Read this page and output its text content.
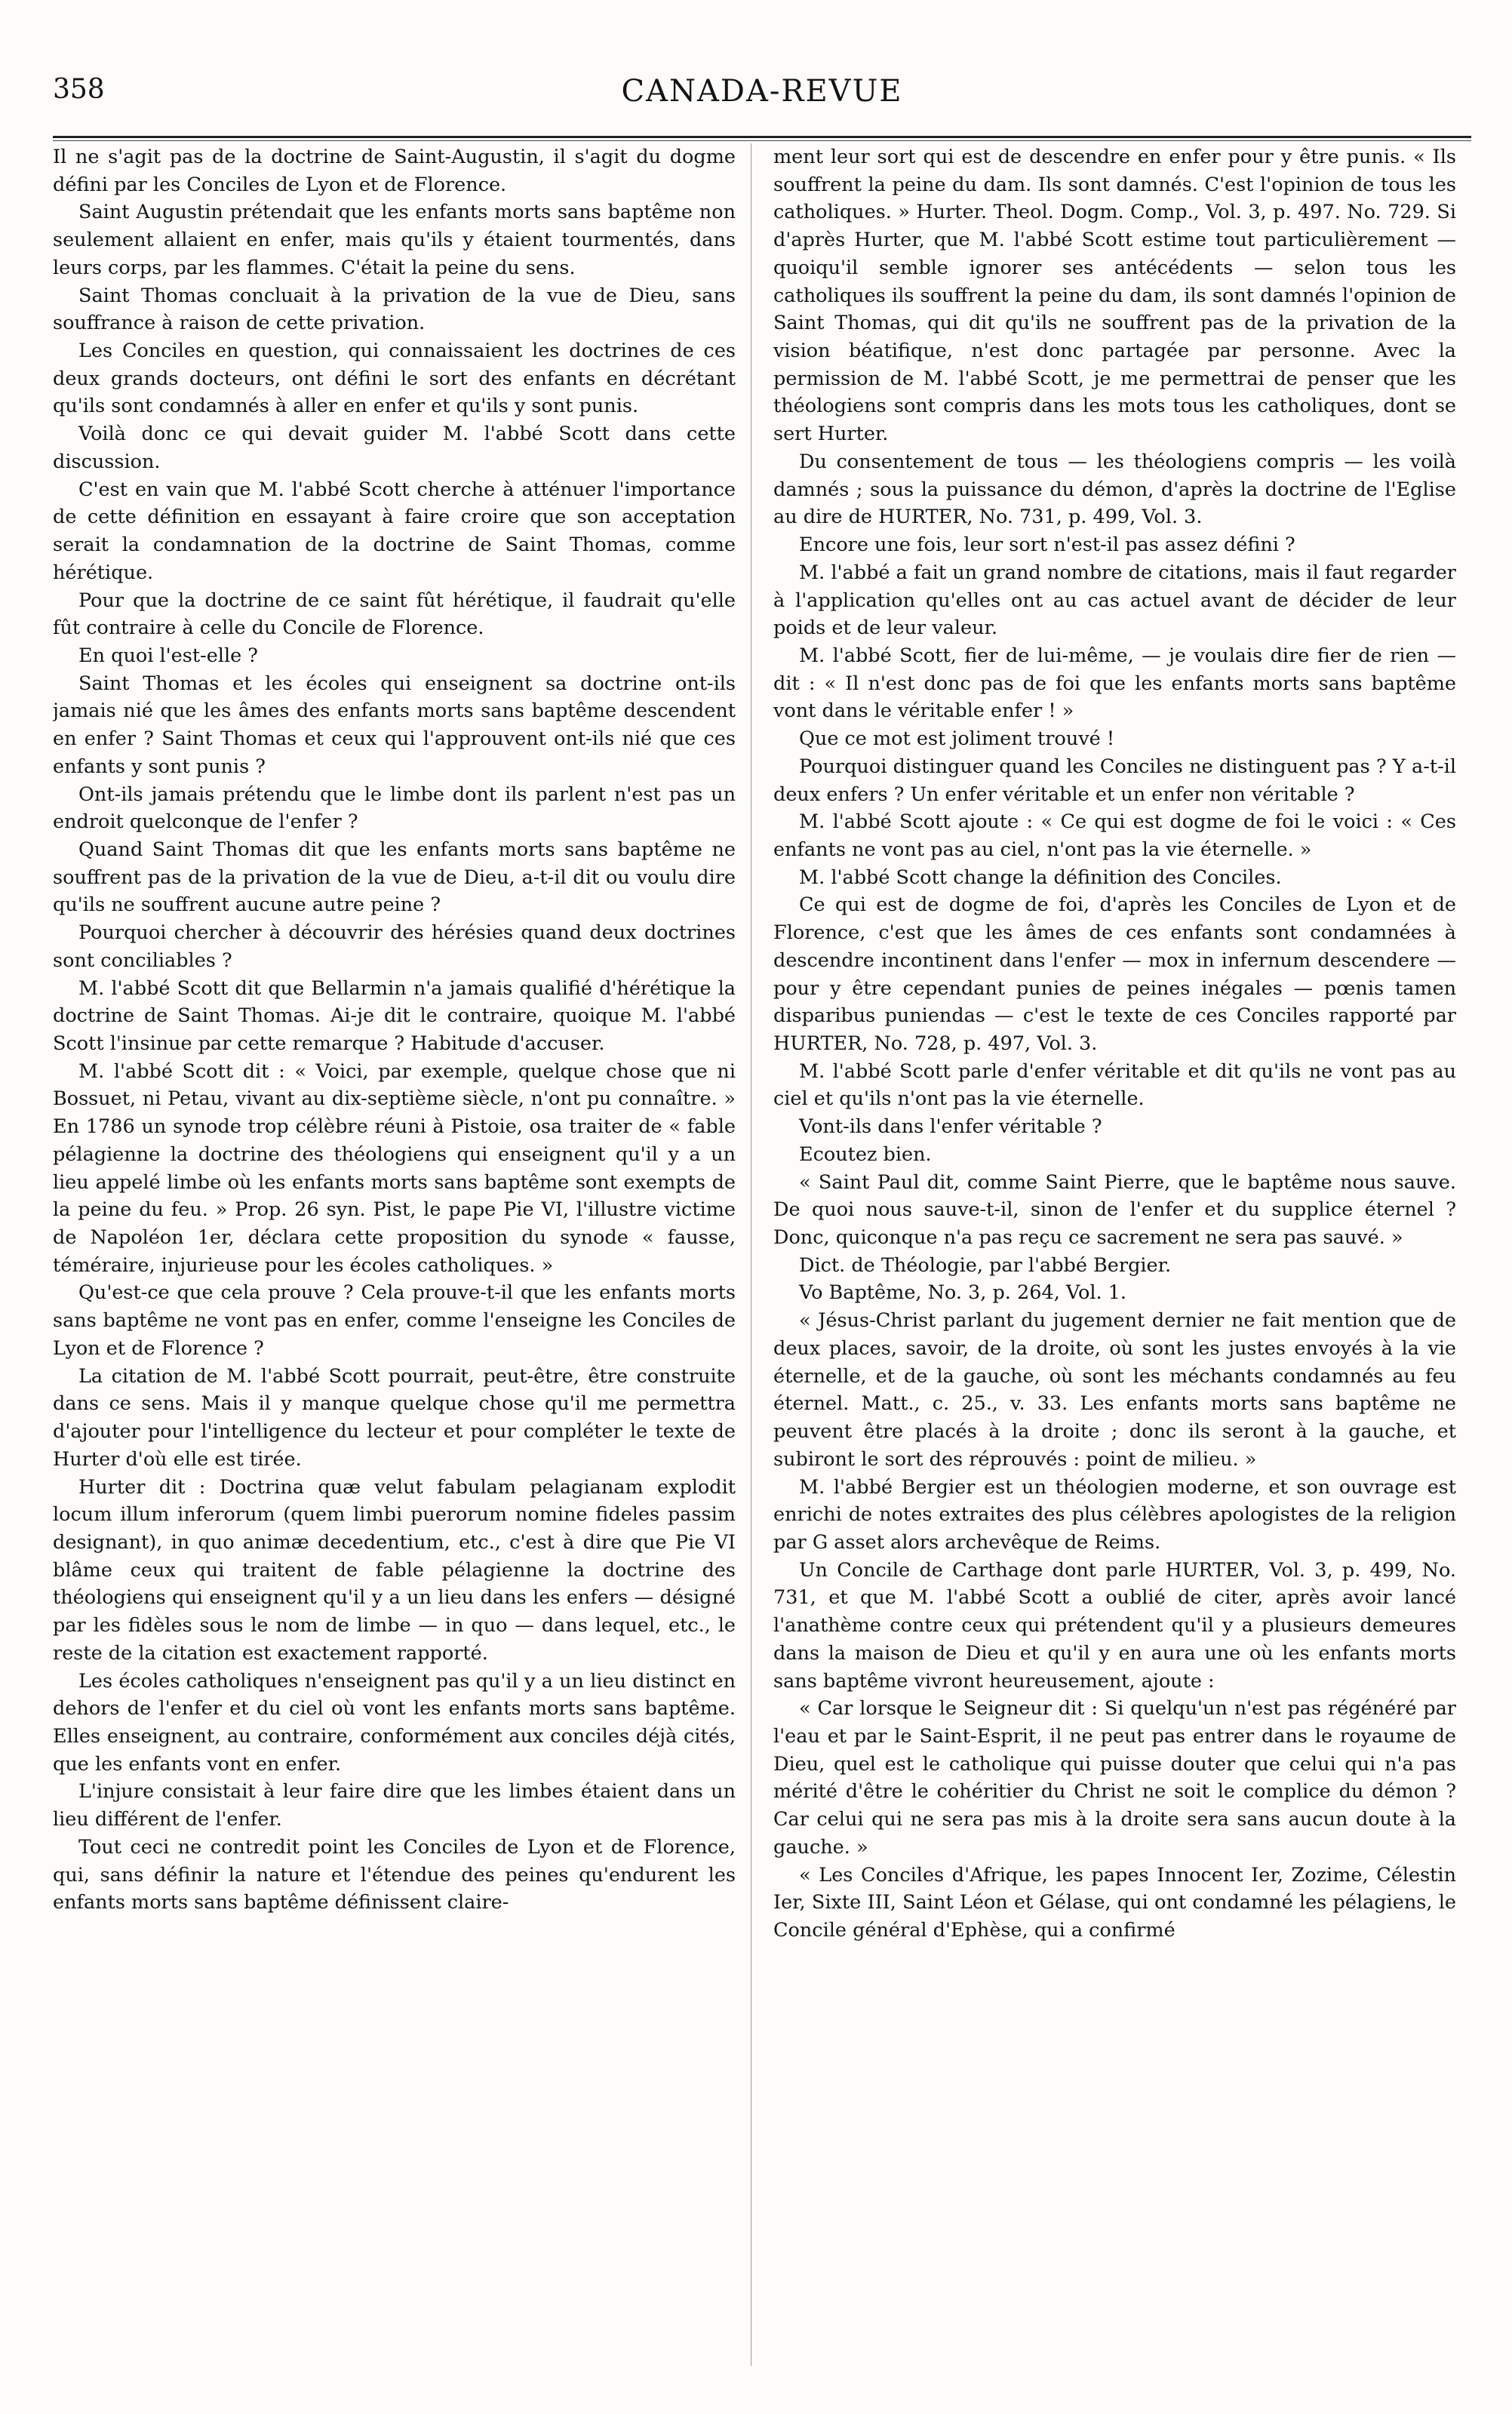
358	CANADA-REVUE

Il ne s'agit pas de la doctrine de Saint-Augustin, il s'agit du dogme défini par les Conciles de Lyon et de Florence.

Saint Augustin prétendait que les enfants morts sans baptême non seulement allaient en enfer, mais qu'ils y étaient tourmentés, dans leurs corps, par les flammes. C'était la peine du sens.

Saint Thomas concluait à la privation de la vue de Dieu, sans souffrance à raison de cette privation.

Les Conciles en question, qui connaissaient les doctrines de ces deux grands docteurs, ont défini le sort des enfants en décrétant qu'ils sont condamnés à aller en enfer et qu'ils y sont punis.

Voilà donc ce qui devait guider M. l'abbé Scott dans cette discussion.

C'est en vain que M. l'abbé Scott cherche à atténuer l'importance de cette définition en essayant à faire croire que son acceptation serait la condamnation de la doctrine de Saint Thomas, comme hérétique.

Pour que la doctrine de ce saint fût hérétique, il faudrait qu'elle fût contraire à celle du Concile de Florence.

En quoi l'est-elle ?

Saint Thomas et les écoles qui enseignent sa doctrine ont-ils jamais nié que les âmes des enfants morts sans baptême descendent en enfer ? Saint Thomas et ceux qui l'approuvent ont-ils nié que ces enfants y sont punis ?

Ont-ils jamais prétendu que le limbe dont ils parlent n'est pas un endroit quelconque de l'enfer ?

Quand Saint Thomas dit que les enfants morts sans baptême ne souffrent pas de la privation de la vue de Dieu, a-t-il dit ou voulu dire qu'ils ne souffrent aucune autre peine ?

Pourquoi chercher à découvrir des hérésies quand deux doctrines sont conciliables ?

M. l'abbé Scott dit que Bellarmin n'a jamais qualifié d'hérétique la doctrine de Saint Thomas. Ai-je dit le contraire, quoique M. l'abbé Scott l'insinue par cette remarque ? Habitude d'accuser.

M. l'abbé Scott dit : « Voici, par exemple, quelque chose que ni Bossuet, ni Petau, vivant au dix-septième siècle, n'ont pu connaître. » En 1786 un synode trop célèbre réuni à Pistoie, osa traiter de « fable pélagienne la doctrine des théologiens qui enseignent qu'il y a un lieu appelé limbe où les enfants morts sans baptême sont exempts de la peine du feu. » Prop. 26 syn. Pist, le pape Pie VI, l'illustre victime de Napoléon 1er, déclara cette proposition du synode « fausse, téméraire, injurieuse pour les écoles catholiques. »

Qu'est-ce que cela prouve ? Cela prouve-t-il que les enfants morts sans baptême ne vont pas en enfer, comme l'enseigne les Conciles de Lyon et de Florence ?

La citation de M. l'abbé Scott pourrait, peut-être, être construite dans ce sens. Mais il y manque quelque chose qu'il me permettra d'ajouter pour l'intelligence du lecteur et pour compléter le texte de Hurter d'où elle est tirée.

Hurter dit : Doctrina quæ velut fabulam pelagianam explodit locum illum inferorum (quem limbi puerorum nomine fideles passim designant), in quo animæ decedentium, etc., c'est à dire que Pie VI blâme ceux qui traitent de fable pélagienne la doctrine des théologiens qui enseignent qu'il y a un lieu dans les enfers — désigné par les fidèles sous le nom de limbe — in quo — dans lequel, etc., le reste de la citation est exactement rapporté.

Les écoles catholiques n'enseignent pas qu'il y a un lieu distinct en dehors de l'enfer et du ciel où vont les enfants morts sans baptême. Elles enseignent, au contraire, conformément aux conciles déjà cités, que les enfants vont en enfer.

L'injure consistait à leur faire dire que les limbes étaient dans un lieu différent de l'enfer.

Tout ceci ne contredit point les Conciles de Lyon et de Florence, qui, sans définir la nature et l'étendue des peines qu'endurent les enfants morts sans baptême définissent claire-

ment leur sort qui est de descendre en enfer pour y être punis. « Ils souffrent la peine du dam. Ils sont damnés. C'est l'opinion de tous les catholiques. » Hurter. Theol. Dogm. Comp., Vol. 3, p. 497. No. 729. Si d'après Hurter, que M. l'abbé Scott estime tout particulièrement — quoiqu'il semble ignorer ses antécédents — selon tous les catholiques ils souffrent la peine du dam, ils sont damnés l'opinion de Saint Thomas, qui dit qu'ils ne souffrent pas de la privation de la vision béatifique, n'est donc partagée par personne. Avec la permission de M. l'abbé Scott, je me permettrai de penser que les théologiens sont compris dans les mots tous les catholiques, dont se sert Hurter.

Du consentement de tous — les théologiens compris — les voilà damnés ; sous la puissance du démon, d'après la doctrine de l'Eglise au dire de HURTER, No. 731, p. 499, Vol. 3.

Encore une fois, leur sort n'est-il pas assez défini ?

M. l'abbé a fait un grand nombre de citations, mais il faut regarder à l'application qu'elles ont au cas actuel avant de décider de leur poids et de leur valeur.

M. l'abbé Scott, fier de lui-même, — je voulais dire fier de rien — dit : « Il n'est donc pas de foi que les enfants morts sans baptême vont dans le véritable enfer ! »

Que ce mot est joliment trouvé !

Pourquoi distinguer quand les Conciles ne distinguent pas ? Y a-t-il deux enfers ? Un enfer véritable et un enfer non véritable ?

M. l'abbé Scott ajoute : « Ce qui est dogme de foi le voici : « Ces enfants ne vont pas au ciel, n'ont pas la vie éternelle. »

M. l'abbé Scott change la définition des Conciles.

Ce qui est de dogme de foi, d'après les Conciles de Lyon et de Florence, c'est que les âmes de ces enfants sont condamnées à descendre incontinent dans l'enfer — mox in infernum descendere — pour y être cependant punies de peines inégales — pœnis tamen disparibus puniendas — c'est le texte de ces Conciles rapporté par HURTER, No. 728, p. 497, Vol. 3.

M. l'abbé Scott parle d'enfer véritable et dit qu'ils ne vont pas au ciel et qu'ils n'ont pas la vie éternelle.

Vont-ils dans l'enfer véritable ?

Ecoutez bien.

« Saint Paul dit, comme Saint Pierre, que le baptême nous sauve. De quoi nous sauve-t-il, sinon de l'enfer et du supplice éternel ? Donc, quiconque n'a pas reçu ce sacrement ne sera pas sauvé. »

Dict. de Théologie, par l'abbé Bergier.

Vo Baptême, No. 3, p. 264, Vol. 1.

« Jésus-Christ parlant du jugement dernier ne fait mention que de deux places, savoir, de la droite, où sont les justes envoyés à la vie éternelle, et de la gauche, où sont les méchants condamnés au feu éternel. Matt., c. 25., v. 33. Les enfants morts sans baptême ne peuvent être placés à la droite ; donc ils seront à la gauche, et subiront le sort des réprouvés : point de milieu. »

M. l'abbé Bergier est un théologien moderne, et son ouvrage est enrichi de notes extraites des plus célèbres apologistes de la religion par G asset alors archevêque de Reims.

Un Concile de Carthage dont parle HURTER, Vol. 3, p. 499, No. 731, et que M. l'abbé Scott a oublié de citer, après avoir lancé l'anathème contre ceux qui prétendent qu'il y a plusieurs demeures dans la maison de Dieu et qu'il y en aura une où les enfants morts sans baptême vivront heureusement, ajoute :

« Car lorsque le Seigneur dit : Si quelqu'un n'est pas régénéré par l'eau et par le Saint-Esprit, il ne peut pas entrer dans le royaume de Dieu, quel est le catholique qui puisse douter que celui qui n'a pas mérité d'être le cohéritier du Christ ne soit le complice du démon ? Car celui qui ne sera pas mis à la droite sera sans aucun doute à la gauche. »

« Les Conciles d'Afrique, les papes Innocent Ier, Zozime, Célestin Ier, Sixte III, Saint Léon et Gélase, qui ont condamné les pélagiens, le Concile général d'Ephèse, qui a confirmé
